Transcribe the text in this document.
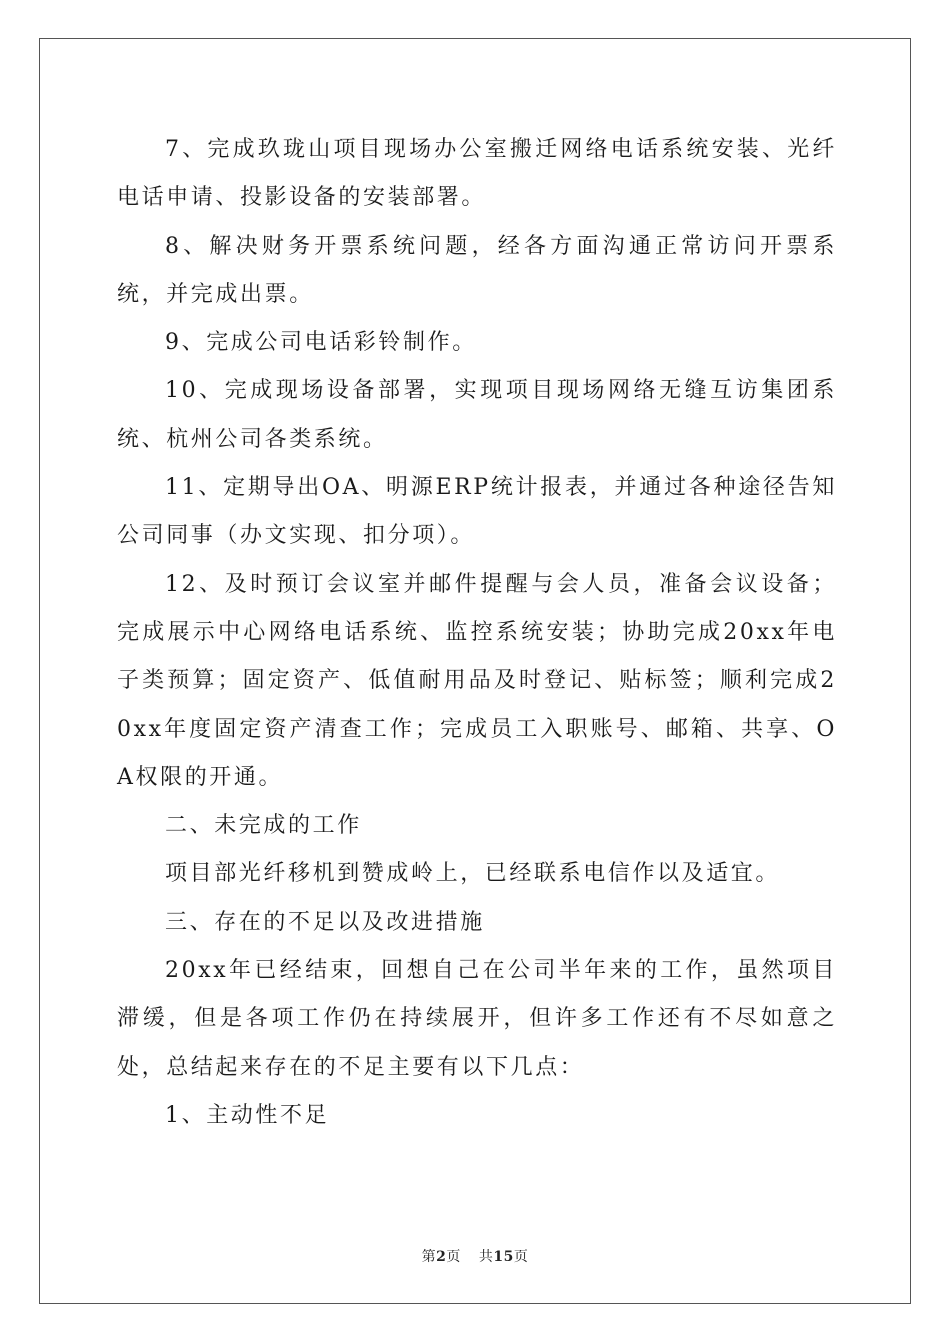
7、完成玖珑山项目现场办公室搬迁网络电话系统安装、光纤电话申请、投影设备的安装部署。

8、解决财务开票系统问题，经各方面沟通正常访问开票系统，并完成出票。

9、完成公司电话彩铃制作。

10、完成现场设备部署，实现项目现场网络无缝互访集团系统、杭州公司各类系统。

11、定期导出OA、明源ERP统计报表，并通过各种途径告知公司同事（办文实现、扣分项）。

12、及时预订会议室并邮件提醒与会人员，准备会议设备；完成展示中心网络电话系统、监控系统安装；协助完成20xx年电子类预算；固定资产、低值耐用品及时登记、贴标签；顺利完成20xx年度固定资产清查工作；完成员工入职账号、邮箱、共享、OA权限的开通。

二、未完成的工作

项目部光纤移机到赞成岭上，已经联系电信作以及适宜。

三、存在的不足以及改进措施

20xx年已经结束，回想自己在公司半年来的工作，虽然项目滞缓，但是各项工作仍在持续展开，但许多工作还有不尽如意之处，总结起来存在的不足主要有以下几点：

1、主动性不足

第2页 共15页
